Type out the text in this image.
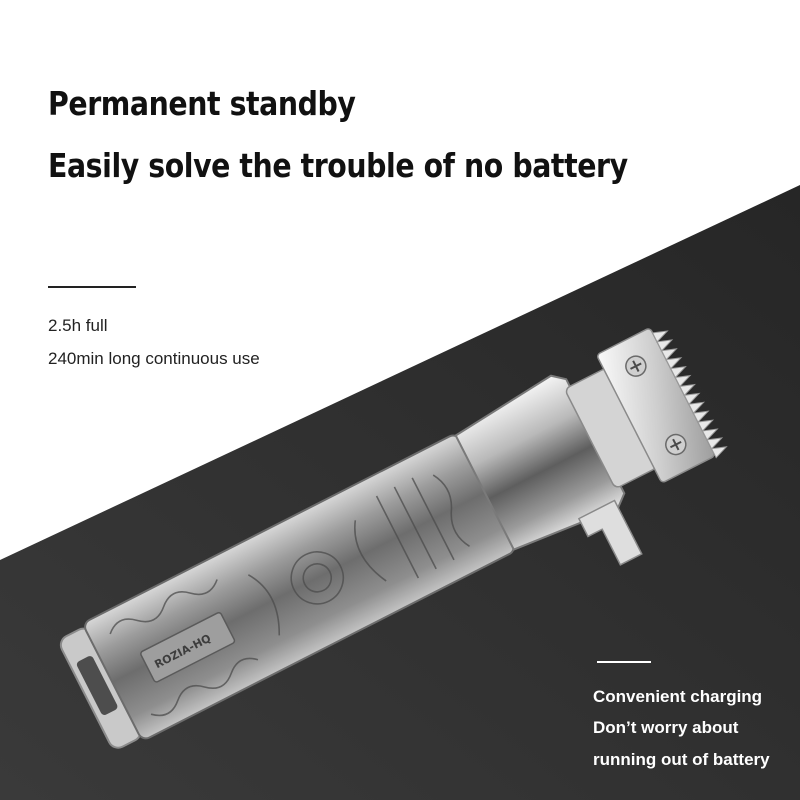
ROZIA-HQ
Permanent standby
Easily solve the trouble of no battery

2.5h full

240min long continuous use

Convenient charging

Don’t worry about

running out of battery
